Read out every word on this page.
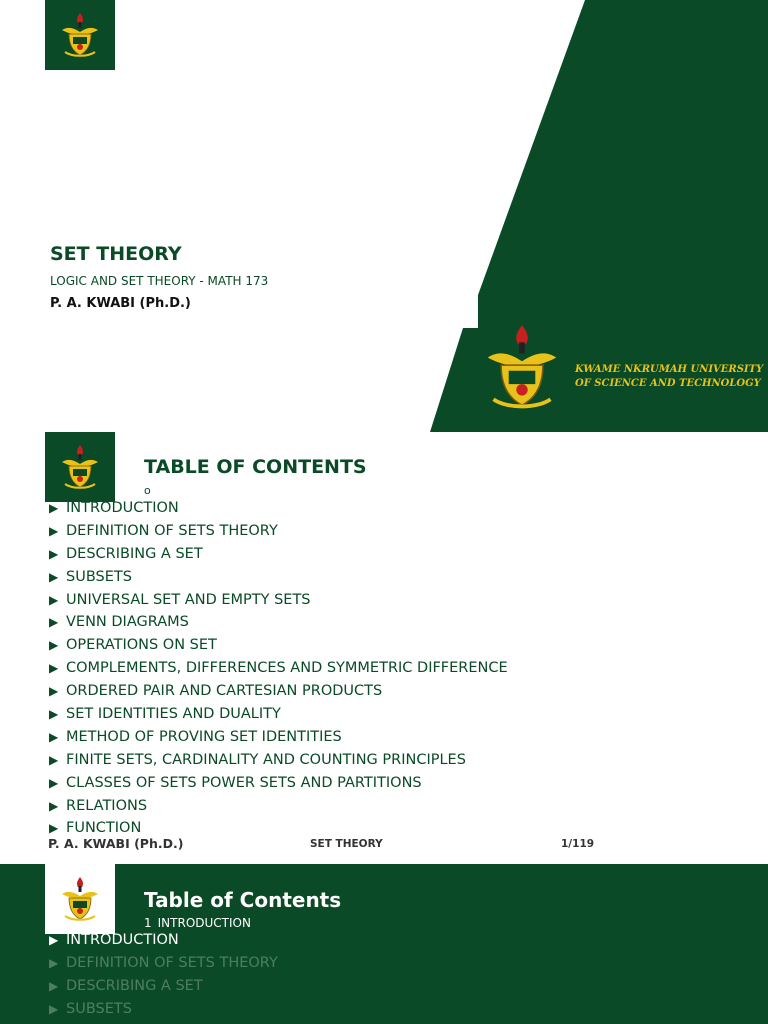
SET THEORY

LOGIC AND SET THEORY - MATH 173

P. A. KWABI (Ph.D.)

KWAME NKRUMAH UNIVERSITY
OF SCIENCE AND TECHNOLOGY
TABLE OF CONTENTS
o
▶ INTRODUCTION
▶ DEFINITION OF SETS THEORY
▶ DESCRIBING A SET
▶ SUBSETS
▶ UNIVERSAL SET AND EMPTY SETS
▶ VENN DIAGRAMS
▶ OPERATIONS ON SET
▶ COMPLEMENTS, DIFFERENCES AND SYMMETRIC DIFFERENCE
▶ ORDERED PAIR AND CARTESIAN PRODUCTS
▶ SET IDENTITIES AND DUALITY
▶ METHOD OF PROVING SET IDENTITIES
▶ FINITE SETS, CARDINALITY AND COUNTING PRINCIPLES
▶ CLASSES OF SETS POWER SETS AND PARTITIONS
▶ RELATIONS
▶ FUNCTION
P. A. KWABI (Ph.D.)	SET THEORY	1/119
Table of Contents
1 INTRODUCTION
▶ INTRODUCTION
▶ DEFINITION OF SETS THEORY
▶ DESCRIBING A SET
▶ SUBSETS
